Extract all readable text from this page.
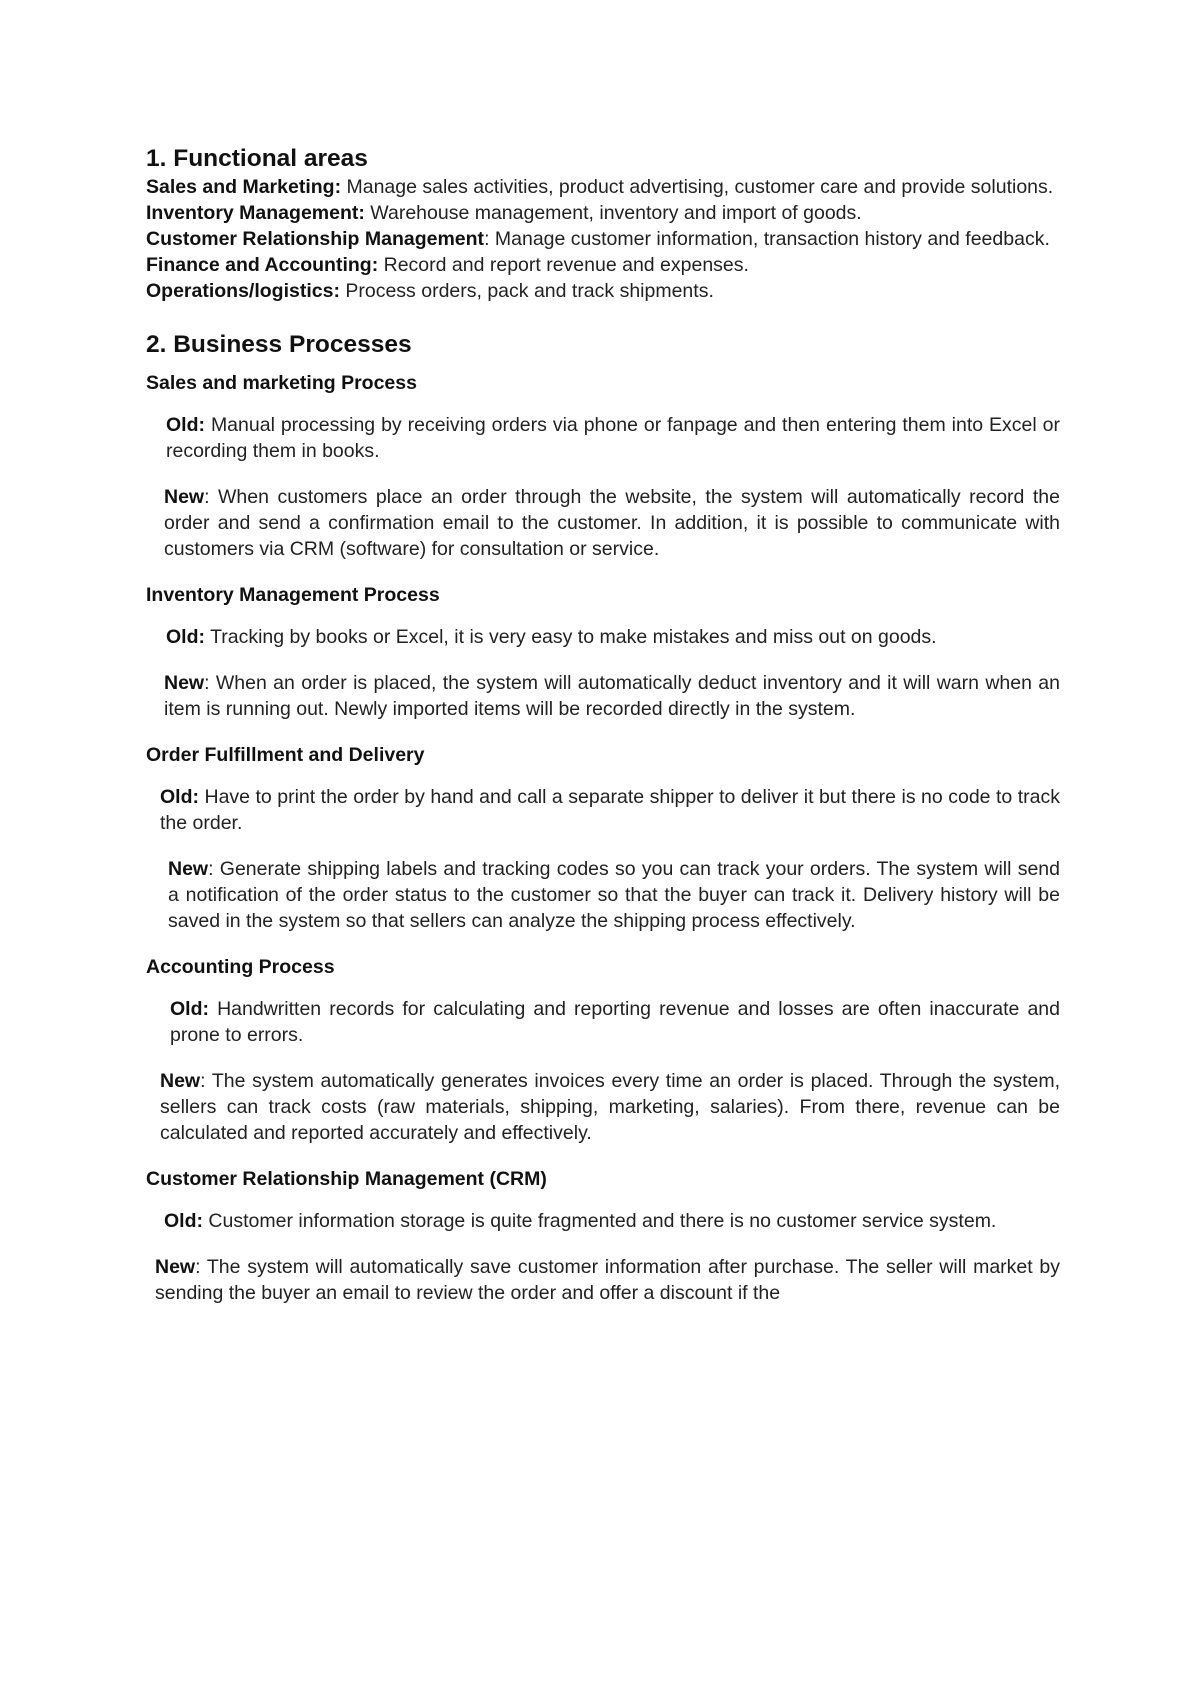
1. Functional areas

Sales and Marketing: Manage sales activities, product advertising, customer care and provide solutions.

Inventory Management: Warehouse management, inventory and import of goods.

Customer Relationship Management: Manage customer information, transaction history and feedback.

Finance and Accounting: Record and report revenue and expenses.

Operations/logistics: Process orders, pack and track shipments.

2. Business Processes

Sales and marketing Process

Old: Manual processing by receiving orders via phone or fanpage and then entering them into Excel or recording them in books.

New: When customers place an order through the website, the system will automatically record the order and send a confirmation email to the customer. In addition, it is possible to communicate with customers via CRM (software) for consultation or service.

Inventory Management Process

Old: Tracking by books or Excel, it is very easy to make mistakes and miss out on goods.

New: When an order is placed, the system will automatically deduct inventory and it will warn when an item is running out. Newly imported items will be recorded directly in the system.

Order Fulfillment and Delivery

Old: Have to print the order by hand and call a separate shipper to deliver it but there is no code to track the order.

New: Generate shipping labels and tracking codes so you can track your orders. The system will send a notification of the order status to the customer so that the buyer can track it. Delivery history will be saved in the system so that sellers can analyze the shipping process effectively.

Accounting Process

Old: Handwritten records for calculating and reporting revenue and losses are often inaccurate and prone to errors.

New: The system automatically generates invoices every time an order is placed. Through the system, sellers can track costs (raw materials, shipping, marketing, salaries). From there, revenue can be calculated and reported accurately and effectively.

Customer Relationship Management (CRM)

Old: Customer information storage is quite fragmented and there is no customer service system.

New: The system will automatically save customer information after purchase. The seller will market by sending the buyer an email to review the order and offer a discount if the
